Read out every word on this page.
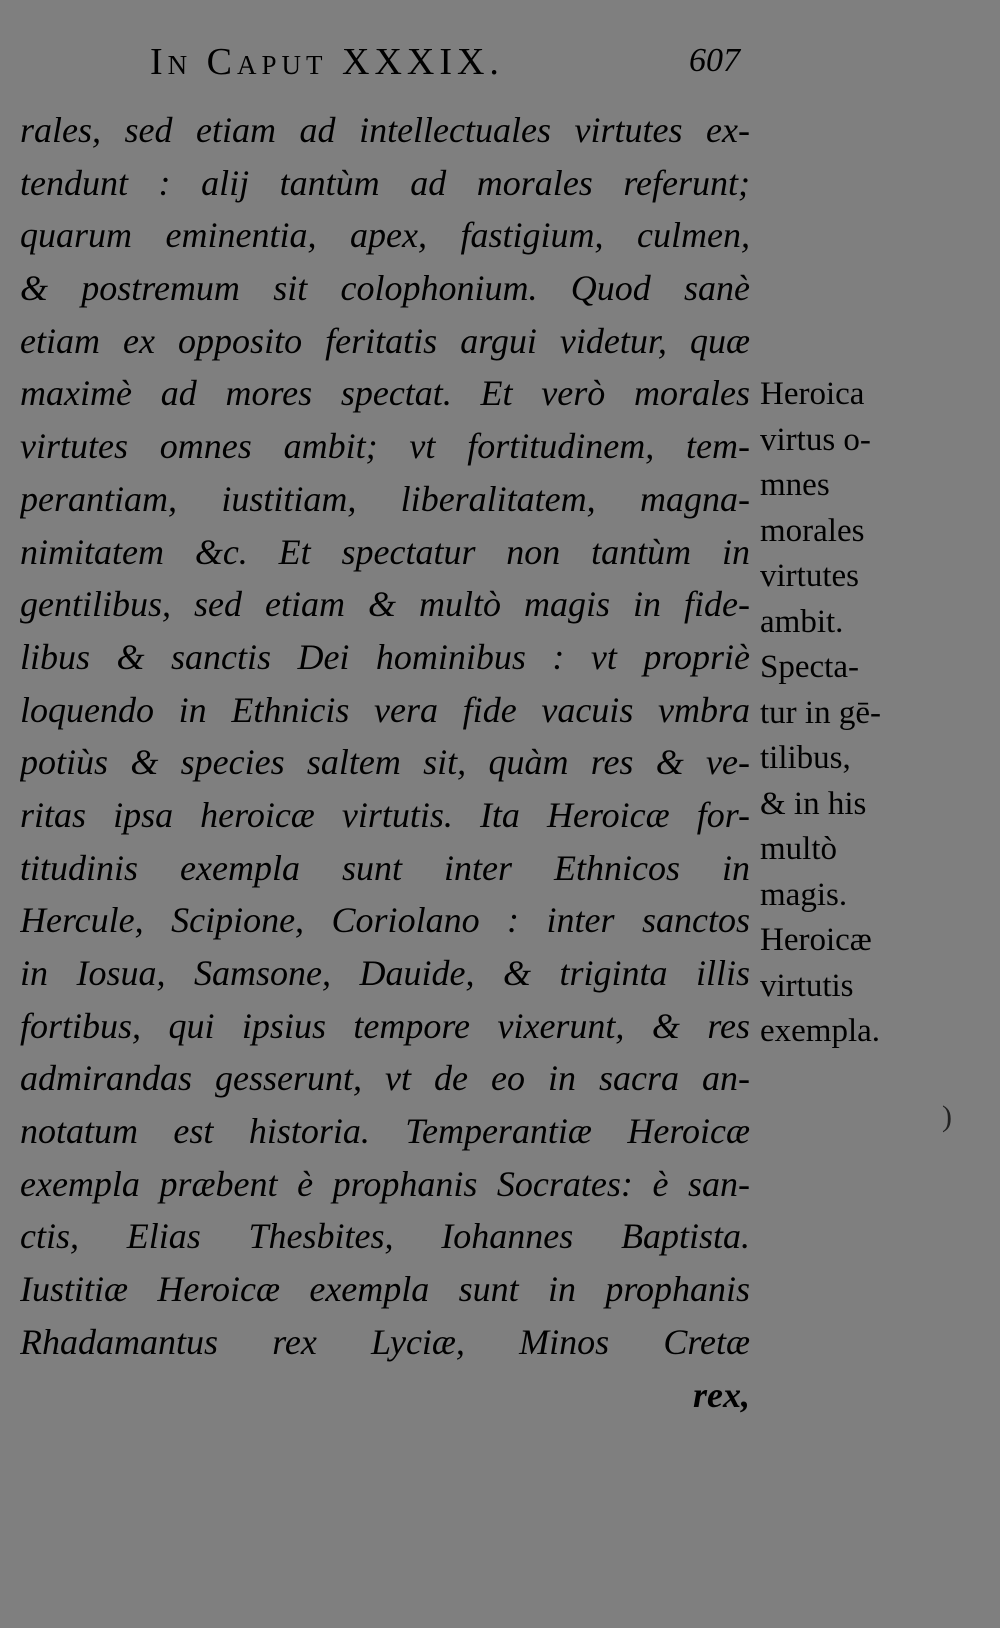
In Caput XXXIX.	607
rales, sed etiam ad intellectuales virtutes ex-
tendunt : alij tantùm ad morales referunt;
quarum eminentia, apex, fastigium, culmen,
& postremum sit colophonium. Quod sanè
etiam ex opposito feritatis argui videtur, quæ
maximè ad mores spectat. Et verò morales
virtutes omnes ambit; vt fortitudinem, tem-
perantiam, iustitiam, liberalitatem, magna-
nimitatem &c. Et spectatur non tantùm in
gentilibus, sed etiam & multò magis in fide-
libus & sanctis Dei hominibus : vt propriè
loquendo in Ethnicis vera fide vacuis vmbra
potiùs & species saltem sit, quàm res & ve-
ritas ipsa heroicæ virtutis. Ita Heroicæ for-
titudinis exempla sunt inter Ethnicos in
Hercule, Scipione, Coriolano : inter sanctos
in Iosua, Samsone, Dauide, & triginta illis
fortibus, qui ipsius tempore vixerunt, & res
admirandas gesserunt, vt de eo in sacra an-
notatum est historia. Temperantiæ Heroicæ
exempla præbent è prophanis Socrates: è san-
ctis, Elias Thesbites, Iohannes Baptista.
Iustitiæ Heroicæ exempla sunt in prophanis
Rhadamantus rex Lyciæ, Minos Cretæ
rex,
Heroica
virtus o-
mnes
morales
virtutes
ambit.
Specta-
tur in gē-
tilibus,
& in his
multò
magis.
Heroicæ
virtutis
exempla.
)
